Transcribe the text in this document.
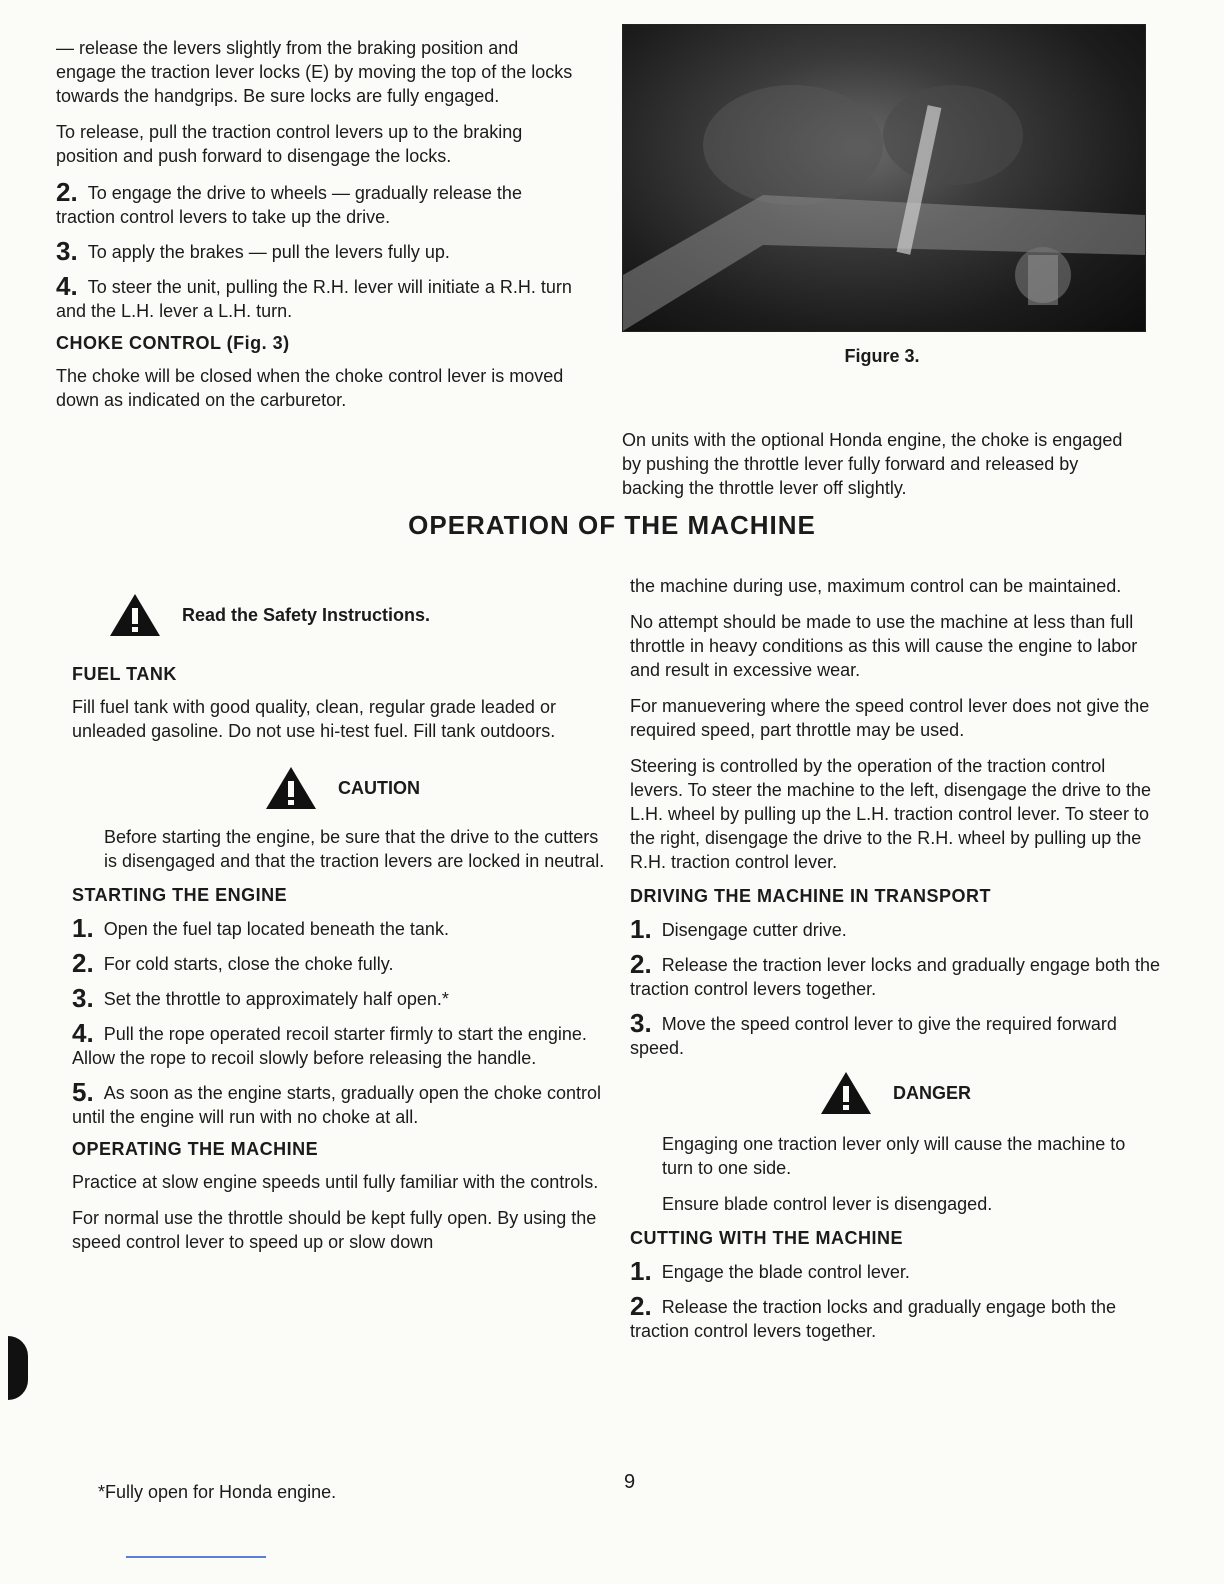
— release the levers slightly from the braking position and engage the traction lever locks (E) by moving the top of the locks towards the handgrips. Be sure locks are fully engaged.

To release, pull the traction control levers up to the braking position and push forward to disengage the locks.

2. To engage the drive to wheels — gradually release the traction control levers to take up the drive.
3. To apply the brakes — pull the levers fully up.
4. To steer the unit, pulling the R.H. lever will initiate a R.H. turn and the L.H. lever a L.H. turn.
CHOKE CONTROL (Fig. 3)

The choke will be closed when the choke control lever is moved down as indicated on the carburetor.

Figure 3.

On units with the optional Honda engine, the choke is engaged by pushing the throttle lever fully forward and released by backing the throttle lever off slightly.

OPERATION OF THE MACHINE
Read the Safety Instructions.
FUEL TANK

Fill fuel tank with good quality, clean, regular grade leaded or unleaded gasoline. Do not use hi-test fuel. Fill tank outdoors.

CAUTION

Before starting the engine, be sure that the drive to the cutters is disengaged and that the traction levers are locked in neutral.

STARTING THE ENGINE
1. Open the fuel tap located beneath the tank.
2. For cold starts, close the choke fully.
3. Set the throttle to approximately half open.*
4. Pull the rope operated recoil starter firmly to start the engine. Allow the rope to recoil slowly before releasing the handle.
5. As soon as the engine starts, gradually open the choke control until the engine will run with no choke at all.
OPERATING THE MACHINE

Practice at slow engine speeds until fully familiar with the controls.

For normal use the throttle should be kept fully open. By using the speed control lever to speed up or slow down

the machine during use, maximum control can be maintained.

No attempt should be made to use the machine at less than full throttle in heavy conditions as this will cause the engine to labor and result in excessive wear.

For manuevering where the speed control lever does not give the required speed, part throttle may be used.

Steering is controlled by the operation of the traction control levers. To steer the machine to the left, disengage the drive to the L.H. wheel by pulling up the L.H. traction control lever. To steer to the right, disengage the drive to the R.H. wheel by pulling up the R.H. traction control lever.

DRIVING THE MACHINE IN TRANSPORT
1. Disengage cutter drive.
2. Release the traction lever locks and gradually engage both the traction control levers together.
3. Move the speed control lever to give the required forward speed.
DANGER

Engaging one traction lever only will cause the machine to turn to one side.

Ensure blade control lever is disengaged.

CUTTING WITH THE MACHINE
1. Engage the blade control lever.
2. Release the traction locks and gradually engage both the traction control levers together.

9

*Fully open for Honda engine.
